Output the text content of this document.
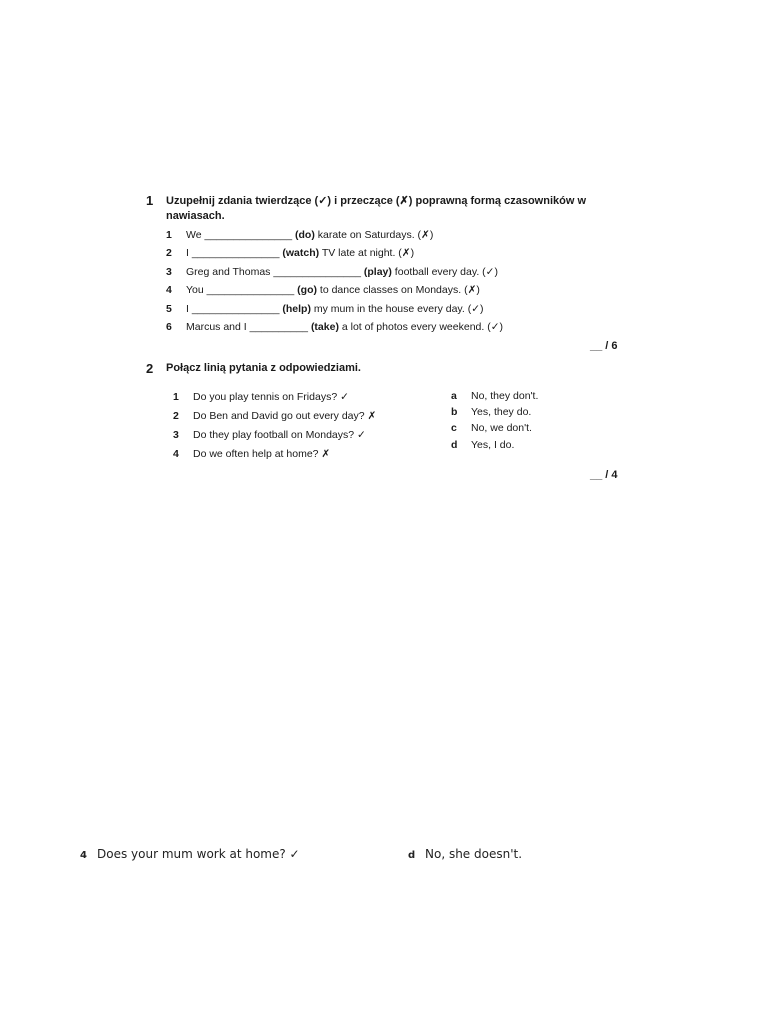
1 Uzupełnij zdania twierdzące (✓) i przeczące (✗) poprawną formą czasowników w
nawiasach.
1 We _______________ (do) karate on Saturdays. (✗)
2 I _______________ (watch) TV late at night. (✗)
3 Greg and Thomas _______________ (play) football every day. (✓)
4 You _______________ (go) to dance classes on Mondays. (✗)
5 I _______________ (help) my mum in the house every day. (✓)
6 Marcus and I __________ (take) a lot of photos every weekend. (✓)
__ / 6
2 Połącz linią pytania z odpowiedziami.
1 Do you play tennis on Fridays? ✓
2 Do Ben and David go out every day? ✗
3 Do they play football on Mondays? ✓
4 Do we often help at home? ✗
a No, they don't.
b Yes, they do.
c No, we don't.
d Yes, I do.
__ / 4
4 Does your mum work at home? ✓	d No, she doesn't.
